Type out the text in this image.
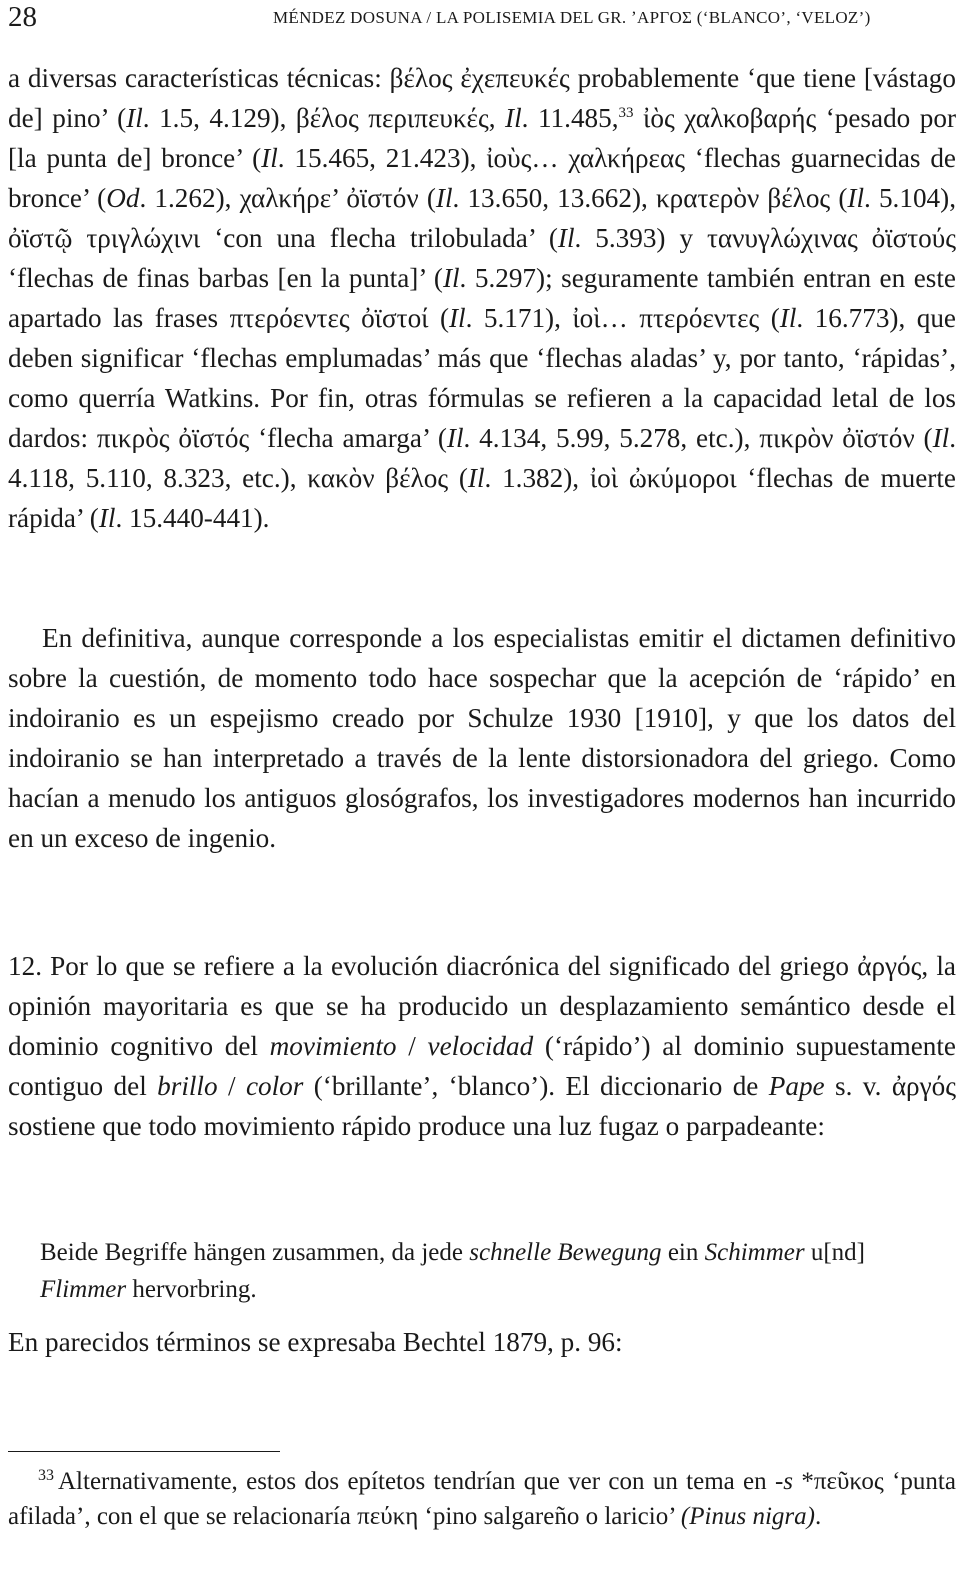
28	MÉNDEZ DOSUNA / LA POLISEMIA DEL GR. ʼΑΡΓΟΣ (‘BLANCO’, ‘VELOZ’)

a diversas características técnicas: βέλος ἐχεπευκές probablemente ‘que tiene [vástago de] pino’ (Il. 1.5, 4.129), βέλος περιπευκές, Il. 11.485,33 ἰὸς χαλκοβαρής ‘pesado por [la punta de] bronce’ (Il. 15.465, 21.423), ἰοὺς… χαλκήρεας ‘flechas guarnecidas de bronce’ (Od. 1.262), χαλκήρε’ ὀϊστόν (Il. 13.650, 13.662), κρατερὸν βέλος (Il. 5.104), ὀϊστῷ τριγλώχινι ‘con una flecha trilobulada’ (Il. 5.393) y τανυγλώχινας ὀϊστούς ‘flechas de finas barbas [en la punta]’ (Il. 5.297); seguramente también entran en este apartado las frases πτερόεντες ὀϊστοί (Il. 5.171), ἰοὶ… πτερόεντες (Il. 16.773), que deben significar ‘flechas emplumadas’ más que ‘flechas aladas’ y, por tanto, ‘rápidas’, como querría Watkins. Por fin, otras fórmulas se refieren a la capacidad letal de los dardos: πικρὸς ὀϊστός ‘flecha amarga’ (Il. 4.134, 5.99, 5.278, etc.), πικρὸν ὀϊστόν (Il. 4.118, 5.110, 8.323, etc.), κακὸν βέλος (Il. 1.382), ἰοὶ ὠκύμοροι ‘flechas de muerte rápida’ (Il. 15.440-441).

En definitiva, aunque corresponde a los especialistas emitir el dictamen definitivo sobre la cuestión, de momento todo hace sospechar que la acepción de ‘rápido’ en indoiranio es un espejismo creado por Schulze 1930 [1910], y que los datos del indoiranio se han interpretado a través de la lente distorsionadora del griego. Como hacían a menudo los antiguos glosógrafos, los investigadores modernos han incurrido en un exceso de ingenio.

12. Por lo que se refiere a la evolución diacrónica del significado del griego ἀργός, la opinión mayoritaria es que se ha producido un desplazamiento semántico desde el dominio cognitivo del movimiento / velocidad (‘rápido’) al dominio supuestamente contiguo del brillo / color (‘brillante’, ‘blanco’). El diccionario de Pape s. v. ἀργός sostiene que todo movimiento rápido produce una luz fugaz o parpadeante:

Beide Begriffe hängen zusammen, da jede schnelle Bewegung ein Schimmer u[nd] Flimmer hervorbring.

En parecidos términos se expresaba Bechtel 1879, p. 96:

$^{33}$ Alternativamente, estos dos epítetos tendrían que ver con un tema en -s *πεῦκος ‘punta afilada’, con el que se relacionaría πεύκη ‘pino salgareño o laricio’ (Pinus nigra).
